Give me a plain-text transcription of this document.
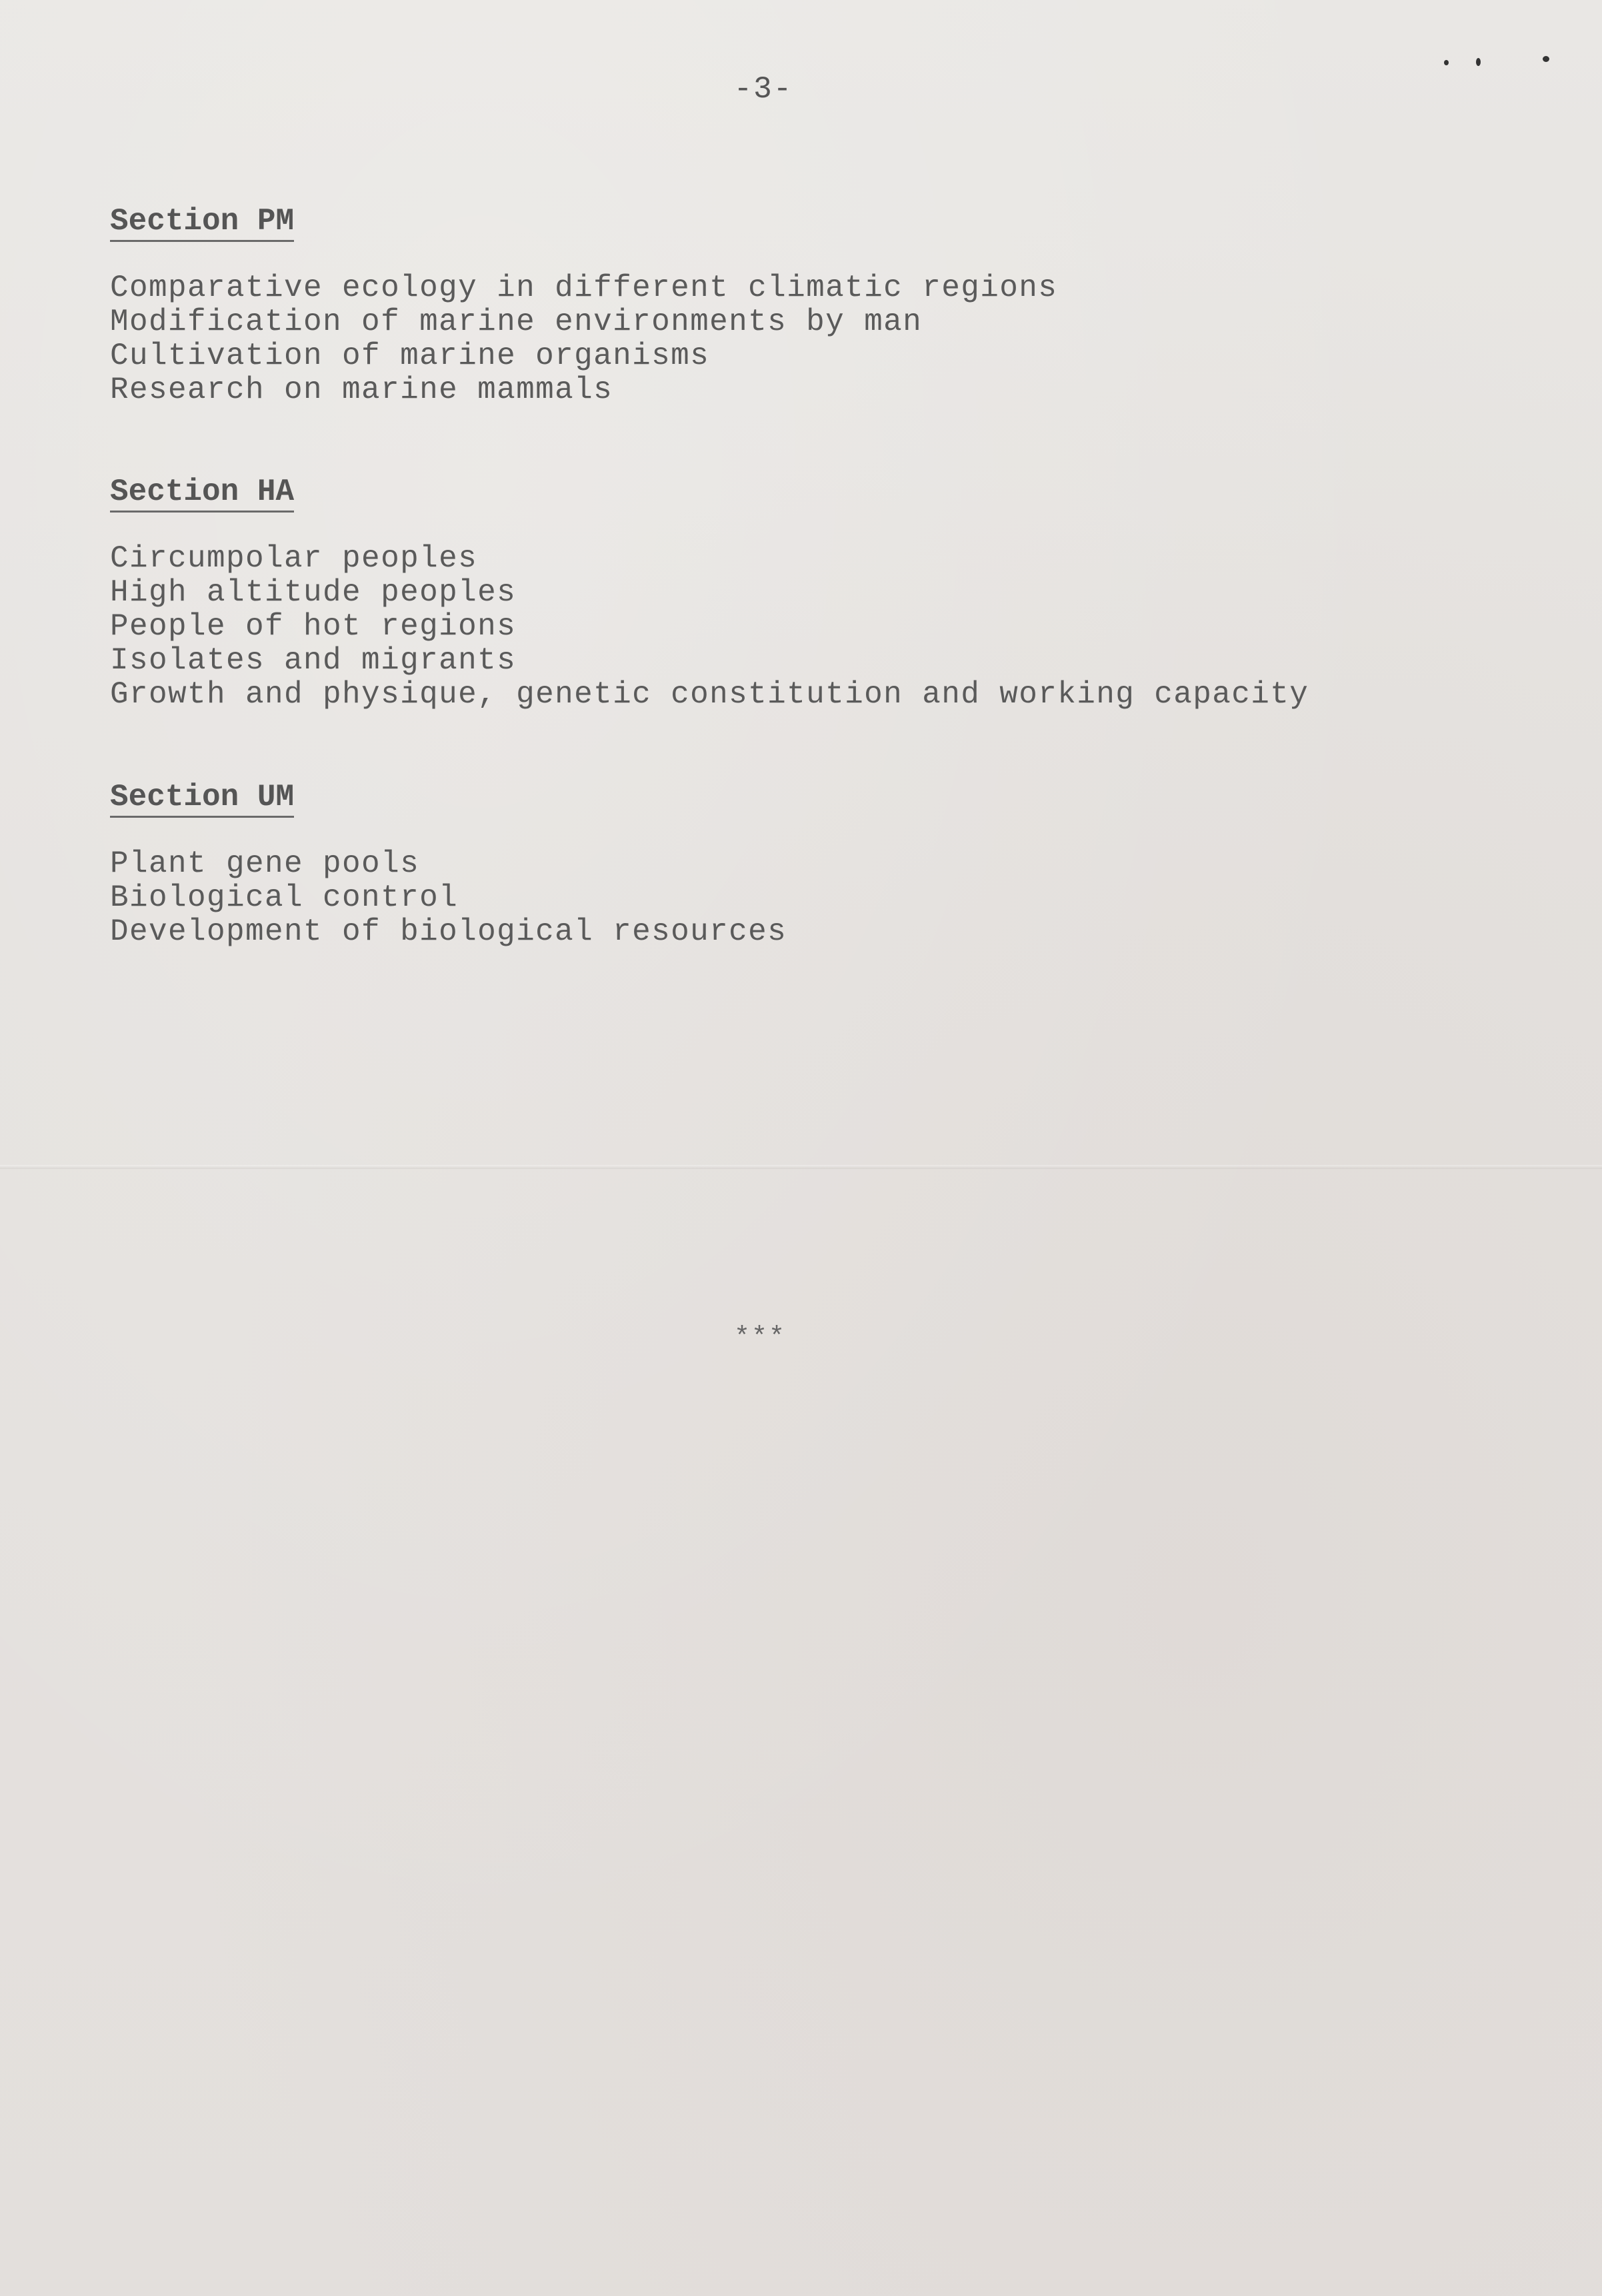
-3-
Section PM
Comparative ecology in different climatic regions
Modification of marine environments by man
Cultivation of marine organisms
Research on marine mammals
Section HA
Circumpolar peoples
High altitude peoples
People of hot regions
Isolates and migrants
Growth and physique, genetic constitution and working capacity
Section UM
Plant gene pools
Biological control
Development of biological resources
***
